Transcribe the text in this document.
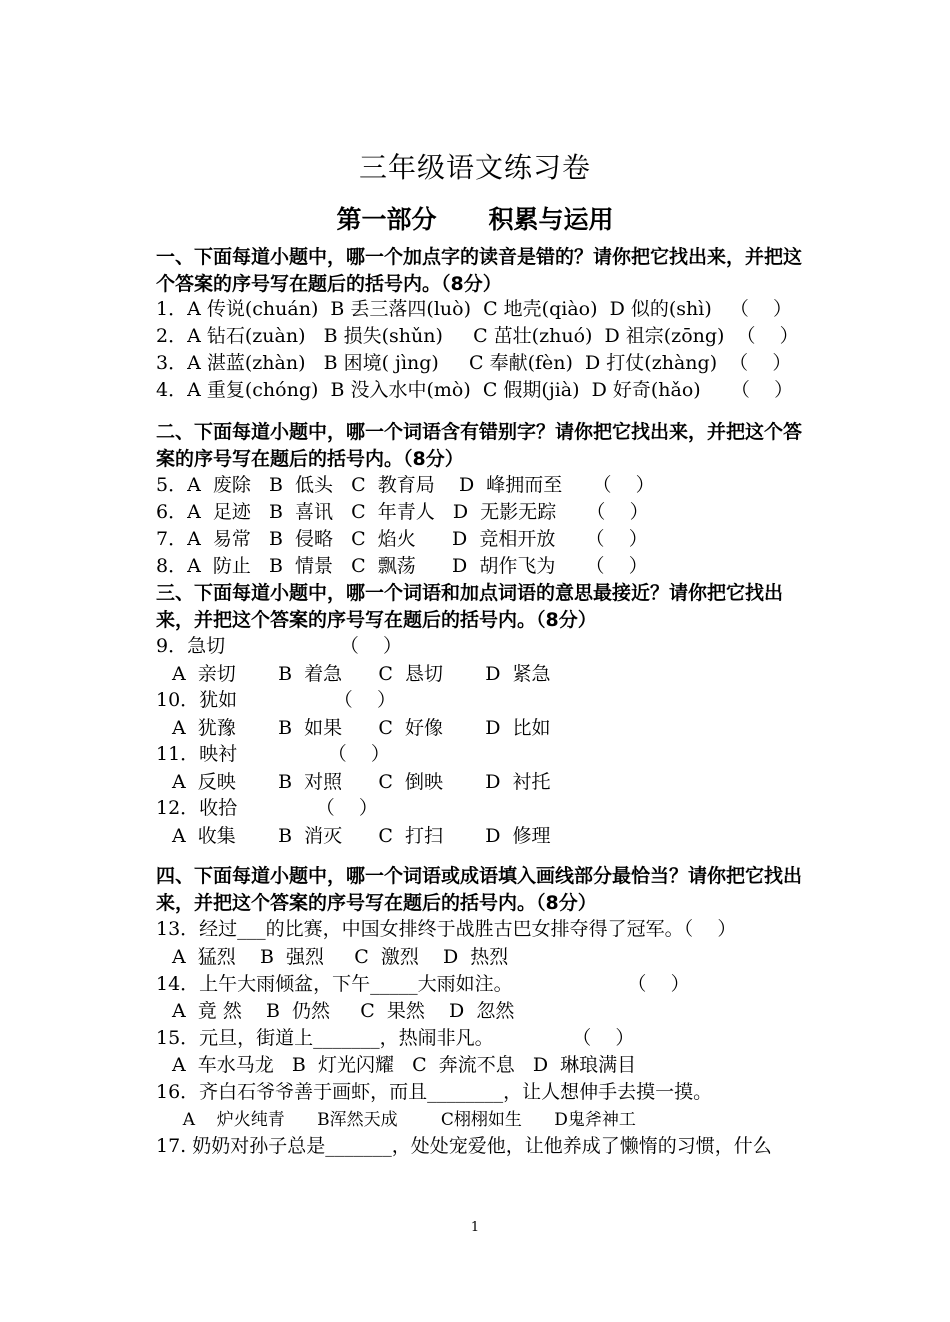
三年级语文练习卷
第一部分 积累与运用
一、下面每道小题中，哪一个加点字的读音是错的？请你把它找出来，并把这个答案的序号写在题后的括号内。（8分）
1．A 传说(chuán)  B 丢三落四(luò)  C 地壳(qiào)  D 似的(shì)   （    ）
2．A 钻石(zuàn)   B 损失(shǔn)     C 茁壮(zhuó)  D 祖宗(zōng)  （    ）
3．A 湛蓝(zhàn)   B 困境( jìng)     C 奉献(fèn)  D 打仗(zhàng)  （    ）
4．A 重复(chóng)  B 没入水中(mò)  C 假期(jià)  D 好奇(hǎo)     （    ）
二、下面每道小题中，哪一个词语含有错别字？请你把它找出来，并把这个答案的序号写在题后的括号内。（8分）
5．A  废除   B  低头   C  教育局    D  峰拥而至     （    ）
6．A  足迹   B  喜讯   C  年青人   D  无影无踪     （    ）
7．A  易常   B  侵略   C  焰火      D  竞相开放     （    ）
8．A  防止   B  情景   C  飘荡      D  胡作飞为     （    ）
三、下面每道小题中，哪一个词语和加点词语的意思最接近？请你把它找出来，并把这个答案的序号写在题后的括号内。（8分）
9．急切                   （    ）
A  亲切       B  着急      C  恳切       D  紧急
10．犹如                （    ）
A  犹豫       B  如果      C  好像       D  比如
11．映衬               （    ）
A  反映       B  对照      C  倒映       D  衬托
12．收拾             （    ）
A  收集       B  消灭      C  打扫       D  修理
四、下面每道小题中，哪一个词语或成语填入画线部分最恰当？请你把它找出来，并把这个答案的序号写在题后的括号内。（8分）
13．经过___的比赛，中国女排终于战胜古巴女排夺得了冠军。（    ）
A  猛烈    B  强烈     C  激烈    D  热烈
14．上午大雨倾盆，下午_____大雨如注。                   （    ）
A  竟 然    B  仍然     C  果然    D  忽然
15．元旦，街道上_______，热闹非凡。             （    ）
A  车水马龙   B  灯光闪耀   C  奔流不息   D  琳琅满目
16．齐白石爷爷善于画虾，而且________，让人想伸手去摸一摸。
A    炉火纯青      B浑然天成        C栩栩如生      D鬼斧神工
17. 奶奶对孙子总是_______，处处宠爱他，让他养成了懒惰的习惯，什么
1
